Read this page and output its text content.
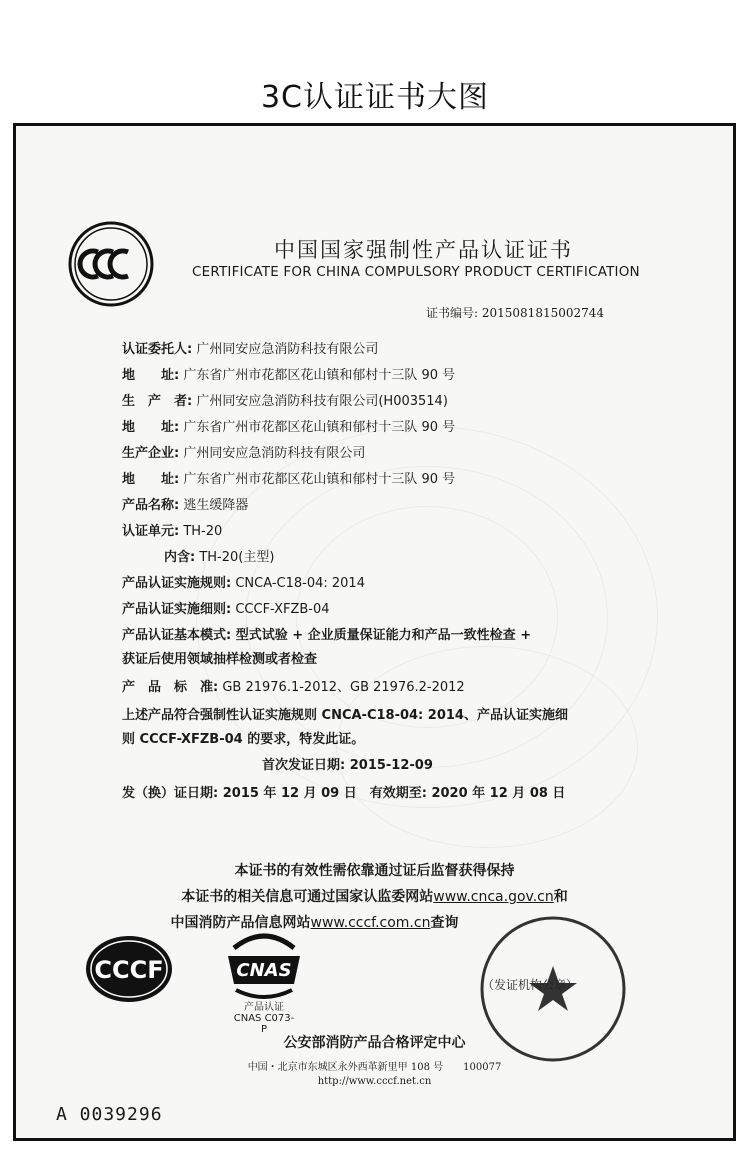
3C认证证书大图
中国国家强制性产品认证证书
CERTIFICATE FOR CHINA COMPULSORY PRODUCT CERTIFICATION
证书编号: 2015081815002744
认证委托人: 广州同安应急消防科技有限公司
地　　址: 广东省广州市花都区花山镇和郁村十三队 90 号
生　产　者: 广州同安应急消防科技有限公司(H003514)
地　　址: 广东省广州市花都区花山镇和郁村十三队 90 号
生产企业: 广州同安应急消防科技有限公司
地　　址: 广东省广州市花都区花山镇和郁村十三队 90 号
产品名称: 逃生缓降器
认证单元: TH-20
内含: TH-20(主型)
产品认证实施规则: CNCA-C18-04: 2014
产品认证实施细则: CCCF-XFZB-04
产品认证基本模式: 型式试验 + 企业质量保证能力和产品一致性检查 +
获证后使用领域抽样检测或者检查
产　品　标　准: GB 21976.1-2012、GB 21976.2-2012
上述产品符合强制性认证实施规则 CNCA-C18-04: 2014、产品认证实施细
则 CCCF-XFZB-04 的要求，特发此证。
首次发证日期: 2015-12-09
发（换）证日期: 2015 年 12 月 09 日　有效期至: 2020 年 12 月 08 日
本证书的有效性需依靠通过证后监督获得保持
本证书的相关信息可通过国家认监委网站www.cnca.gov.cn和
中国消防产品信息网站www.cccf.com.cn查询
CCCF	CNAS
产品认证
CNAS C073-P
（发证机构公章）
公安部消防产品合格评定中心
中国・北京市东城区永外西革新里甲 108 号　　100077
http://www.cccf.net.cn
A 0039296
